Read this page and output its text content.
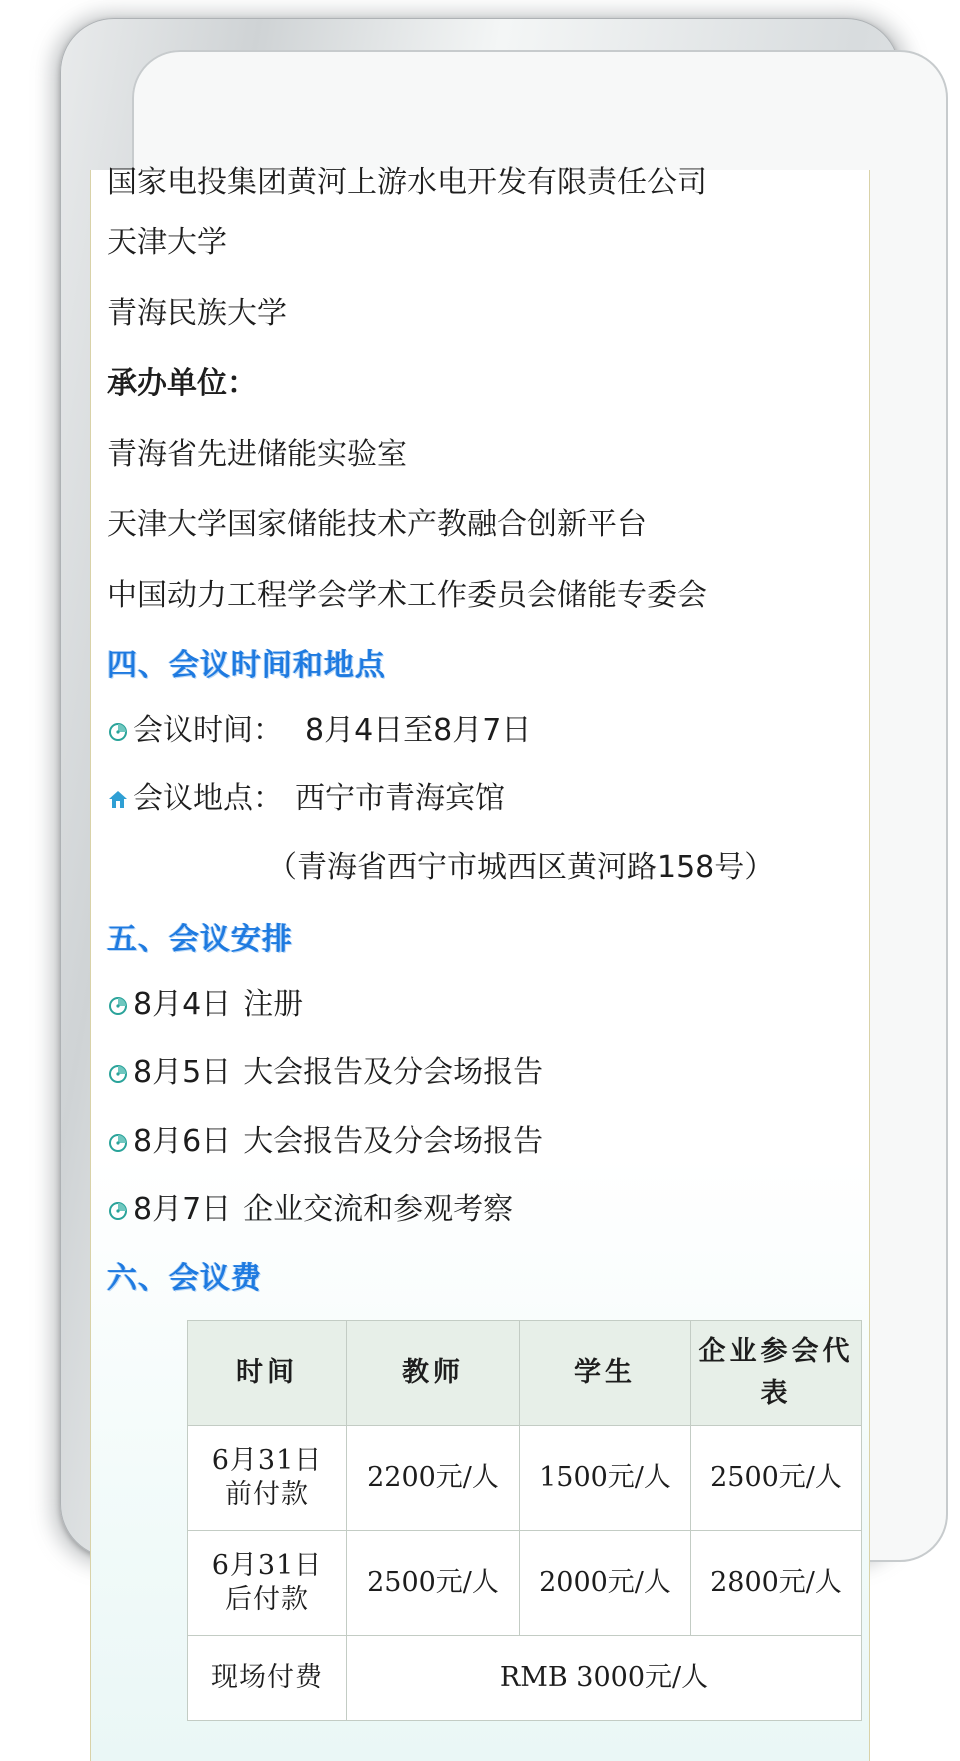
国家电投集团黄河上游水电开发有限责任公司
天津大学
青海民族大学
承办单位：
青海省先进储能实验室
天津大学国家储能技术产教融合创新平台
中国动力工程学会学术工作委员会储能专委会
四、会议时间和地点
会议时间： 8月4日至8月7日
会议地点： 西宁市青海宾馆
（青海省西宁市城西区黄河路158号）
五、会议安排
8月4日 注册
8月5日 大会报告及分会场报告
8月6日 大会报告及分会场报告
8月7日 企业交流和参观考察
六、会议费
时间	教师	学生	企业参会代表

6月31日
前付款	2200元/人	1500元/人	2500元/人

6月31日
后付款	2500元/人	2000元/人	2800元/人
现场付费	RMB 3000元/人		
